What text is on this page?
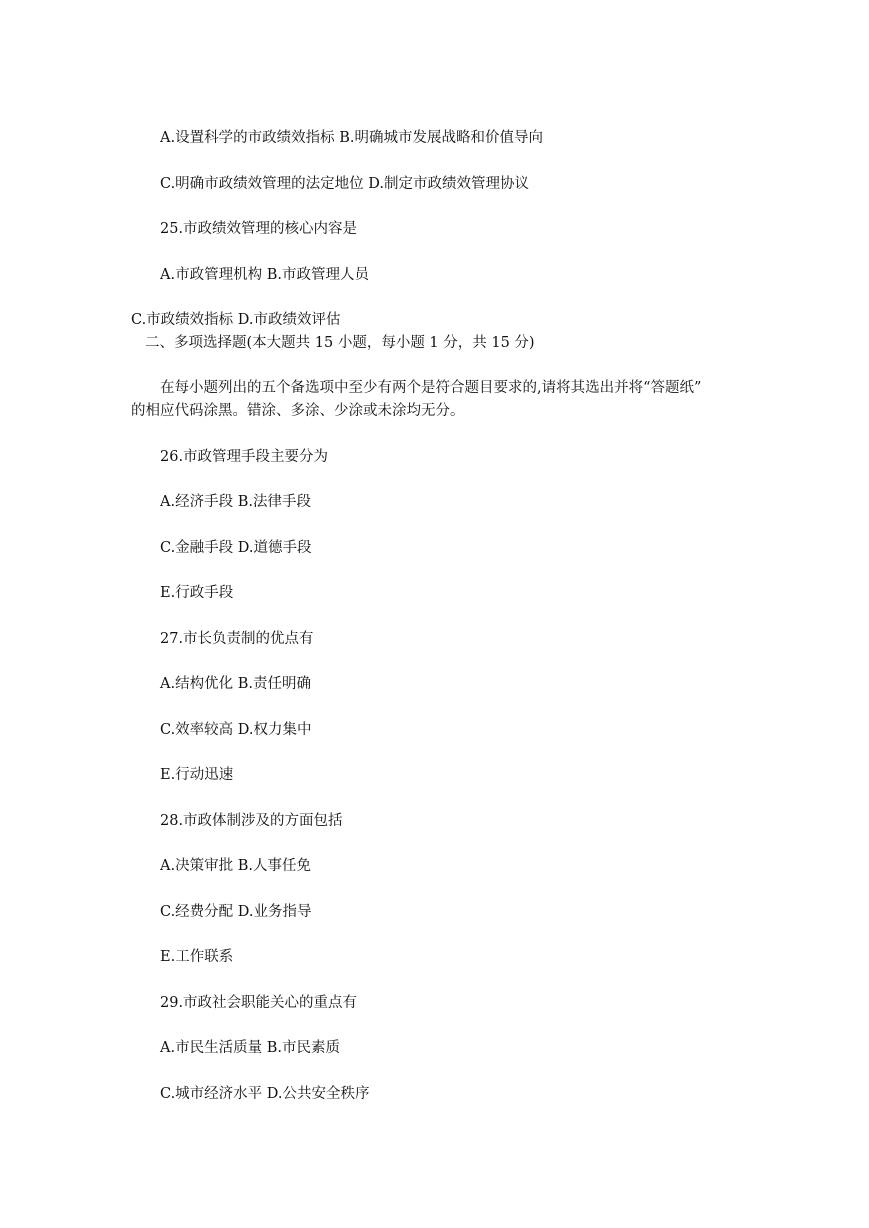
A.设置科学的市政绩效指标 B.明确城市发展战略和价值导向
C.明确市政绩效管理的法定地位 D.制定市政绩效管理协议
25.市政绩效管理的核心内容是
A.市政管理机构 B.市政管理人员
C.市政绩效指标 D.市政绩效评估
二、多项选择题(本大题共 15 小题，每小题 1 分，共 15 分)
在每小题列出的五个备选项中至少有两个是符合题目要求的,请将其选出并将“答题纸”
的相应代码涂黑。错涂、多涂、少涂或未涂均无分。
26.市政管理手段主要分为
A.经济手段 B.法律手段
C.金融手段 D.道德手段
E.行政手段
27.市长负责制的优点有
A.结构优化 B.责任明确
C.效率较高 D.权力集中
E.行动迅速
28.市政体制涉及的方面包括
A.决策审批 B.人事任免
C.经费分配 D.业务指导
E.工作联系
29.市政社会职能关心的重点有
A.市民生活质量 B.市民素质
C.城市经济水平 D.公共安全秩序
